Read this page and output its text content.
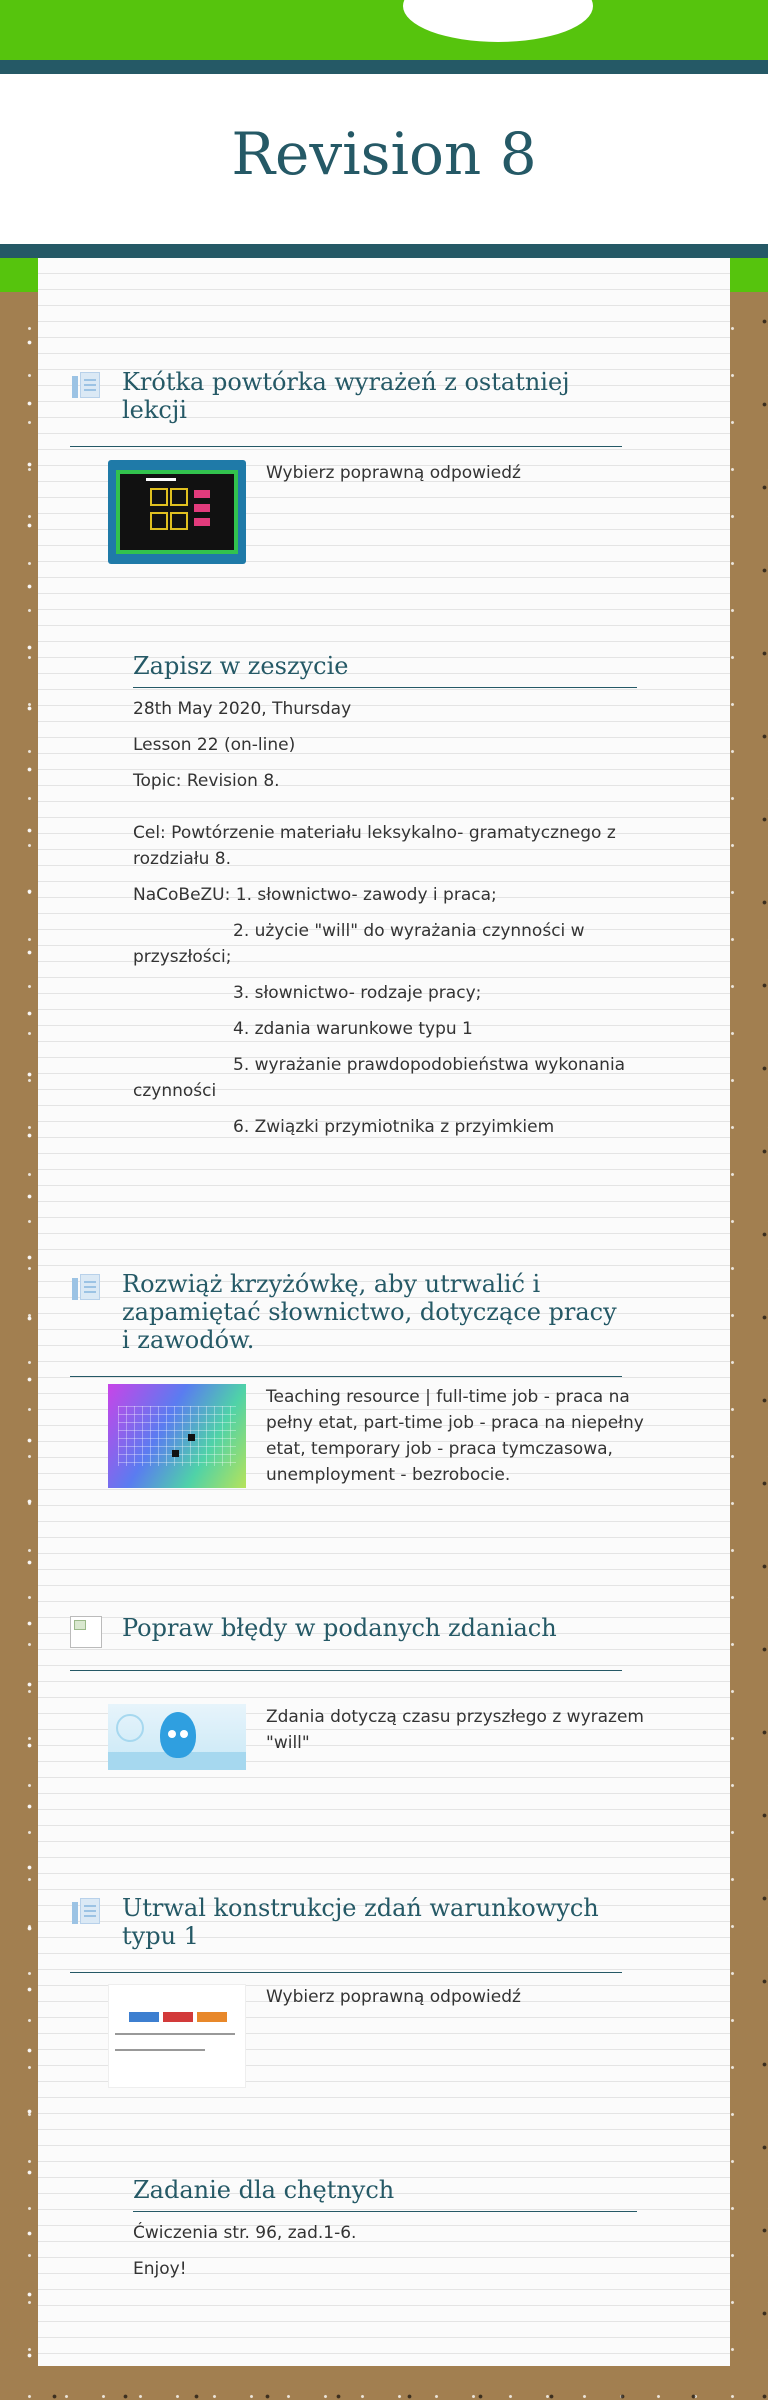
Revision 8
Krótka powtórka wyrażeń z ostatniej lekcji

Wybierz poprawną odpowiedź

Zapisz w zeszycie

28th May 2020, Thursday

Lesson 22 (on-line)

Topic: Revision 8.

Cel: Powtórzenie materiału leksykalno- gramatycznego z rozdziału 8.

NaCoBeZU: 1. słownictwo- zawody i praca;

2. użycie "will" do wyrażania czynności w przyszłości;

3. słownictwo- rodzaje pracy;

4. zdania warunkowe typu 1

5. wyrażanie prawdopodobieństwa wykonania czynności

6. Związki przymiotnika z przyimkiem

Rozwiąż krzyżówkę, aby utrwalić i zapamiętać słownictwo, dotyczące pracy i zawodów.

Teaching resource | full-time job - praca na pełny etat, part-time job - praca na niepełny etat, temporary job - praca tymczasowa, unemployment - bezrobocie.

Popraw błędy w podanych zdaniach

Zdania dotyczą czasu przyszłego z wyrazem "will"

Utrwal konstrukcje zdań warunkowych typu 1

Wybierz poprawną odpowiedź

Zadanie dla chętnych

Ćwiczenia str. 96, zad.1-6.

Enjoy!
